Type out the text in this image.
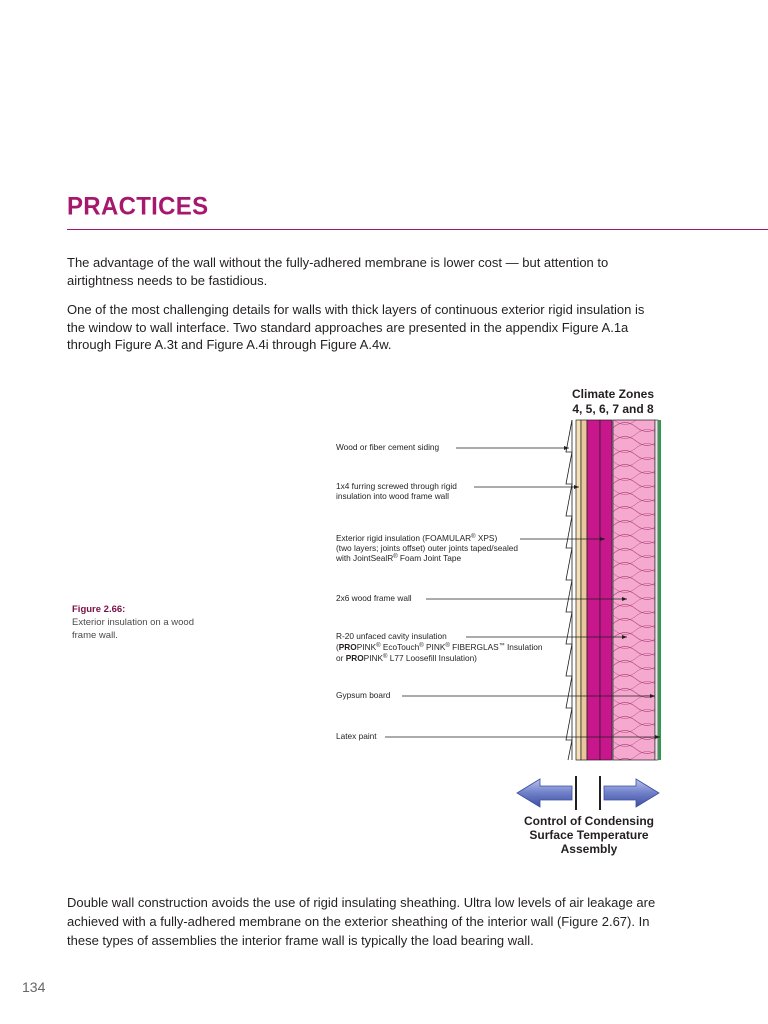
PRACTICES

The advantage of the wall without the fully-adhered membrane is lower cost — but attention to airtightness needs to be fastidious.

One of the most challenging details for walls with thick layers of continuous exterior rigid insulation is the window to wall interface. Two standard approaches are presented in the appendix Figure A.1a through Figure A.3t and Figure A.4i through Figure A.4w.

Figure 2.66:
Exterior insulation on a wood frame wall.
Climate Zones
4, 5, 6, 7 and 8
Wood or fiber cement siding
1x4 furring screwed through rigid
insulation into wood frame wall
Exterior rigid insulation (FOAMULAR® XPS)
(two layers; joints offset) outer joints taped/sealed
with JointSealR® Foam Joint Tape
2x6 wood frame wall
R-20 unfaced cavity insulation
(PROPINK® EcoTouch® PINK® FIBERGLAS™ Insulation
or PROPINK® L77 Loosefill Insulation)
Gypsum board
Latex paint
Control of Condensing
Surface Temperature
Assembly

Double wall construction avoids the use of rigid insulating sheathing. Ultra low levels of air leakage are achieved with a fully-adhered membrane on the exterior sheathing of the interior wall (Figure 2.67). In these types of assemblies the interior frame wall is typically the load bearing wall.

134
